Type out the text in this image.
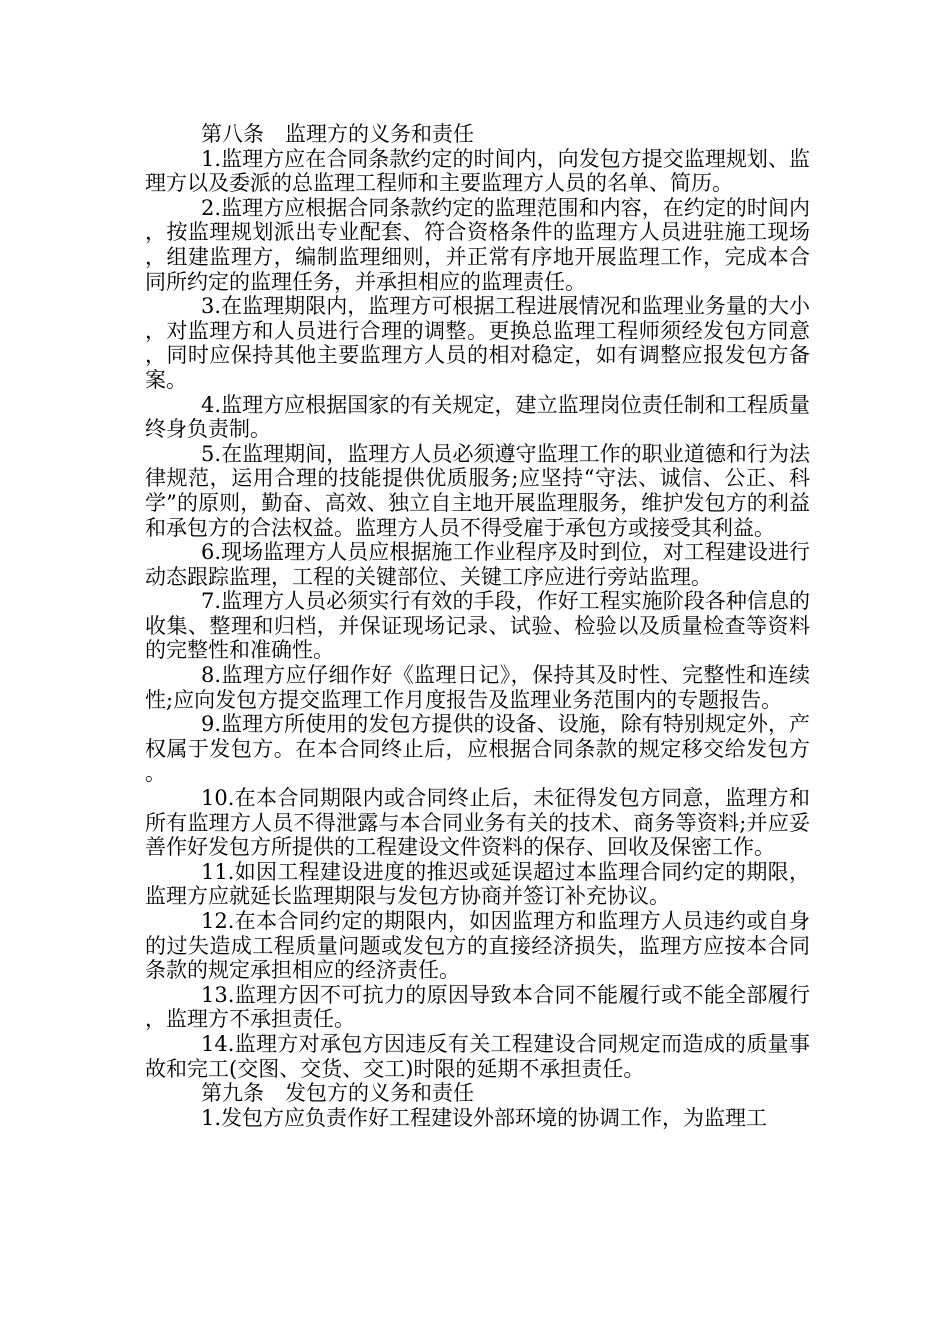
第八条　监理方的义务和责任

1.监理方应在合同条款约定的时间内，向发包方提交监理规划、监理方以及委派的总监理工程师和主要监理方人员的名单、简历。

2.监理方应根据合同条款约定的监理范围和内容，在约定的时间内，按监理规划派出专业配套、符合资格条件的监理方人员进驻施工现场，组建监理方，编制监理细则，并正常有序地开展监理工作，完成本合同所约定的监理任务，并承担相应的监理责任。

3.在监理期限内，监理方可根据工程进展情况和监理业务量的大小，对监理方和人员进行合理的调整。更换总监理工程师须经发包方同意，同时应保持其他主要监理方人员的相对稳定，如有调整应报发包方备案。

4.监理方应根据国家的有关规定，建立监理岗位责任制和工程质量终身负责制。

5.在监理期间，监理方人员必须遵守监理工作的职业道德和行为法律规范，运用合理的技能提供优质服务;应坚持“守法、诚信、公正、科学”的原则，勤奋、高效、独立自主地开展监理服务，维护发包方的利益和承包方的合法权益。监理方人员不得受雇于承包方或接受其利益。

6.现场监理方人员应根据施工作业程序及时到位，对工程建设进行动态跟踪监理，工程的关键部位、关键工序应进行旁站监理。

7.监理方人员必须实行有效的手段，作好工程实施阶段各种信息的收集、整理和归档，并保证现场记录、试验、检验以及质量检查等资料的完整性和准确性。

8.监理方应仔细作好《监理日记》，保持其及时性、完整性和连续性;应向发包方提交监理工作月度报告及监理业务范围内的专题报告。

9.监理方所使用的发包方提供的设备、设施，除有特别规定外，产权属于发包方。在本合同终止后，应根据合同条款的规定移交给发包方。

10.在本合同期限内或合同终止后，未征得发包方同意，监理方和所有监理方人员不得泄露与本合同业务有关的技术、商务等资料;并应妥善作好发包方所提供的工程建设文件资料的保存、回收及保密工作。

11.如因工程建设进度的推迟或延误超过本监理合同约定的期限，监理方应就延长监理期限与发包方协商并签订补充协议。

12.在本合同约定的期限内，如因监理方和监理方人员违约或自身的过失造成工程质量问题或发包方的直接经济损失，监理方应按本合同条款的规定承担相应的经济责任。

13.监理方因不可抗力的原因导致本合同不能履行或不能全部履行，监理方不承担责任。

14.监理方对承包方因违反有关工程建设合同规定而造成的质量事故和完工(交图、交货、交工)时限的延期不承担责任。

第九条　发包方的义务和责任

1.发包方应负责作好工程建设外部环境的协调工作，为监理工
